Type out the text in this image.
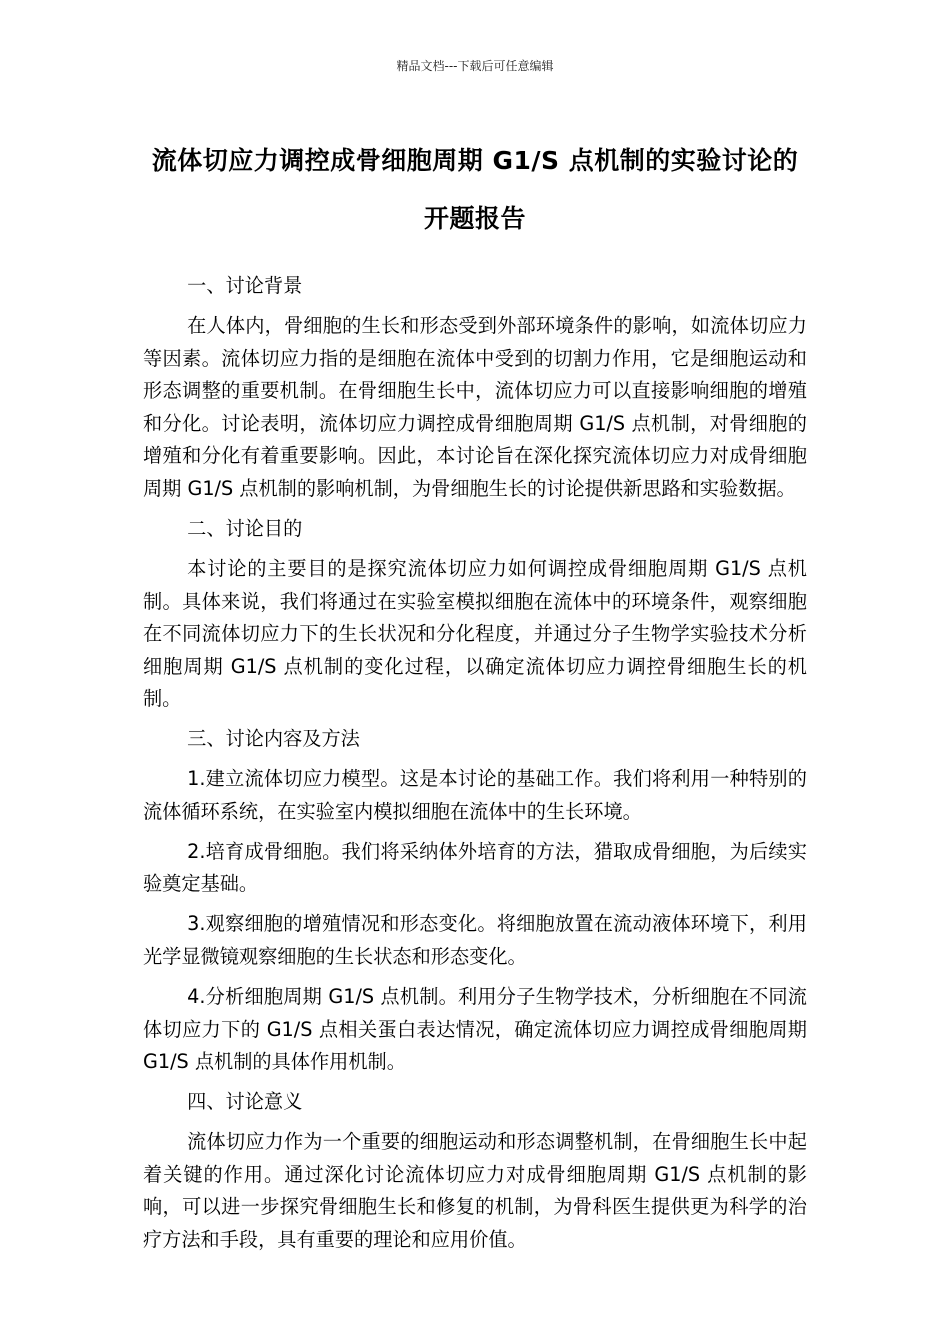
精品文档---下载后可任意编辑
流体切应力调控成骨细胞周期 G1/S 点机制的实验讨论的开题报告

一、讨论背景

在人体内，骨细胞的生长和形态受到外部环境条件的影响，如流体切应力等因素。流体切应力指的是细胞在流体中受到的切割力作用，它是细胞运动和形态调整的重要机制。在骨细胞生长中，流体切应力可以直接影响细胞的增殖和分化。讨论表明，流体切应力调控成骨细胞周期 G1/S 点机制，对骨细胞的增殖和分化有着重要影响。因此，本讨论旨在深化探究流体切应力对成骨细胞周期 G1/S 点机制的影响机制，为骨细胞生长的讨论提供新思路和实验数据。

二、讨论目的

本讨论的主要目的是探究流体切应力如何调控成骨细胞周期 G1/S 点机制。具体来说，我们将通过在实验室模拟细胞在流体中的环境条件，观察细胞在不同流体切应力下的生长状况和分化程度，并通过分子生物学实验技术分析细胞周期 G1/S 点机制的变化过程，以确定流体切应力调控骨细胞生长的机制。

三、讨论内容及方法

1.建立流体切应力模型。这是本讨论的基础工作。我们将利用一种特别的流体循环系统，在实验室内模拟细胞在流体中的生长环境。

2.培育成骨细胞。我们将采纳体外培育的方法，猎取成骨细胞，为后续实验奠定基础。

3.观察细胞的增殖情况和形态变化。将细胞放置在流动液体环境下，利用光学显微镜观察细胞的生长状态和形态变化。

4.分析细胞周期 G1/S 点机制。利用分子生物学技术，分析细胞在不同流体切应力下的 G1/S 点相关蛋白表达情况，确定流体切应力调控成骨细胞周期 G1/S 点机制的具体作用机制。

四、讨论意义

流体切应力作为一个重要的细胞运动和形态调整机制，在骨细胞生长中起着关键的作用。通过深化讨论流体切应力对成骨细胞周期 G1/S 点机制的影响，可以进一步探究骨细胞生长和修复的机制，为骨科医生提供更为科学的治疗方法和手段，具有重要的理论和应用价值。
